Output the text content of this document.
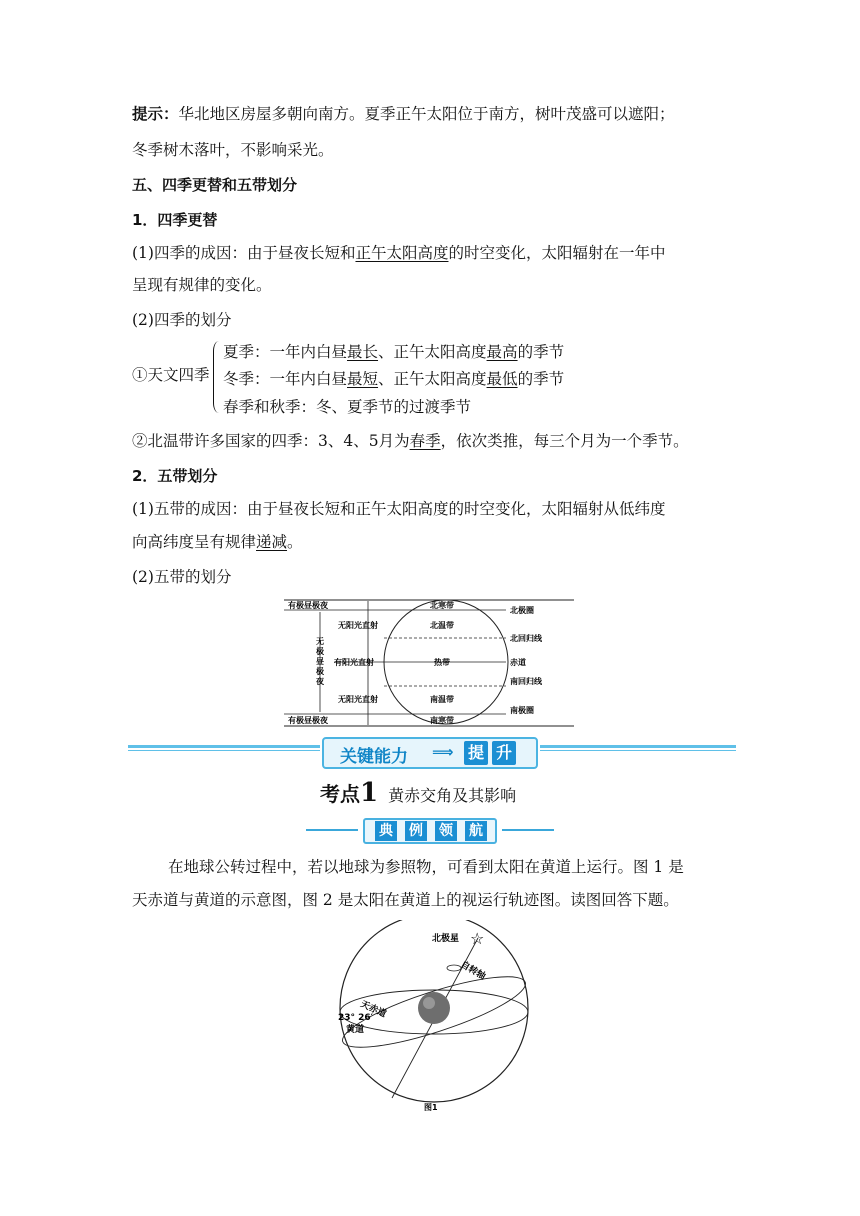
提示：华北地区房屋多朝向南方。夏季正午太阳位于南方，树叶茂盛可以遮阳；
冬季树木落叶，不影响采光。
五、四季更替和五带划分
1．四季更替
(1)四季的成因：由于昼夜长短和正午太阳高度的时空变化，太阳辐射在一年中
呈现有规律的变化。
(2)四季的划分
①天文四季
夏季：一年内白昼最长、正午太阳高度最高的季节
冬季：一年内白昼最短、正午太阳高度最低的季节
春季和秋季：冬、夏季节的过渡季节
②北温带许多国家的四季：3、4、5月为春季，依次类推，每三个月为一个季节。
2．五带划分
(1)五带的成因：由于昼夜长短和正午太阳高度的时空变化，太阳辐射从低纬度
向高纬度呈有规律递减。
(2)五带的划分
有极昼极夜
有极昼极夜
无
极
昼
极
夜
无阳光直射
有阳光直射
无阳光直射
北寒带
北温带
热带
南温带
南寒带
北极圈
北回归线
赤道
南回归线
南极圈
关键能力 ⟹ 提 升
考点1 黄赤交角及其影响
典 例 领 航
在地球公转过程中，若以地球为参照物，可看到太阳在黄道上运行。图 1 是
天赤道与黄道的示意图，图 2 是太阳在黄道上的视运行轨迹图。读图回答下题。
☆
北极星
自转轴
天赤道
23° 26′
黄道
图1
